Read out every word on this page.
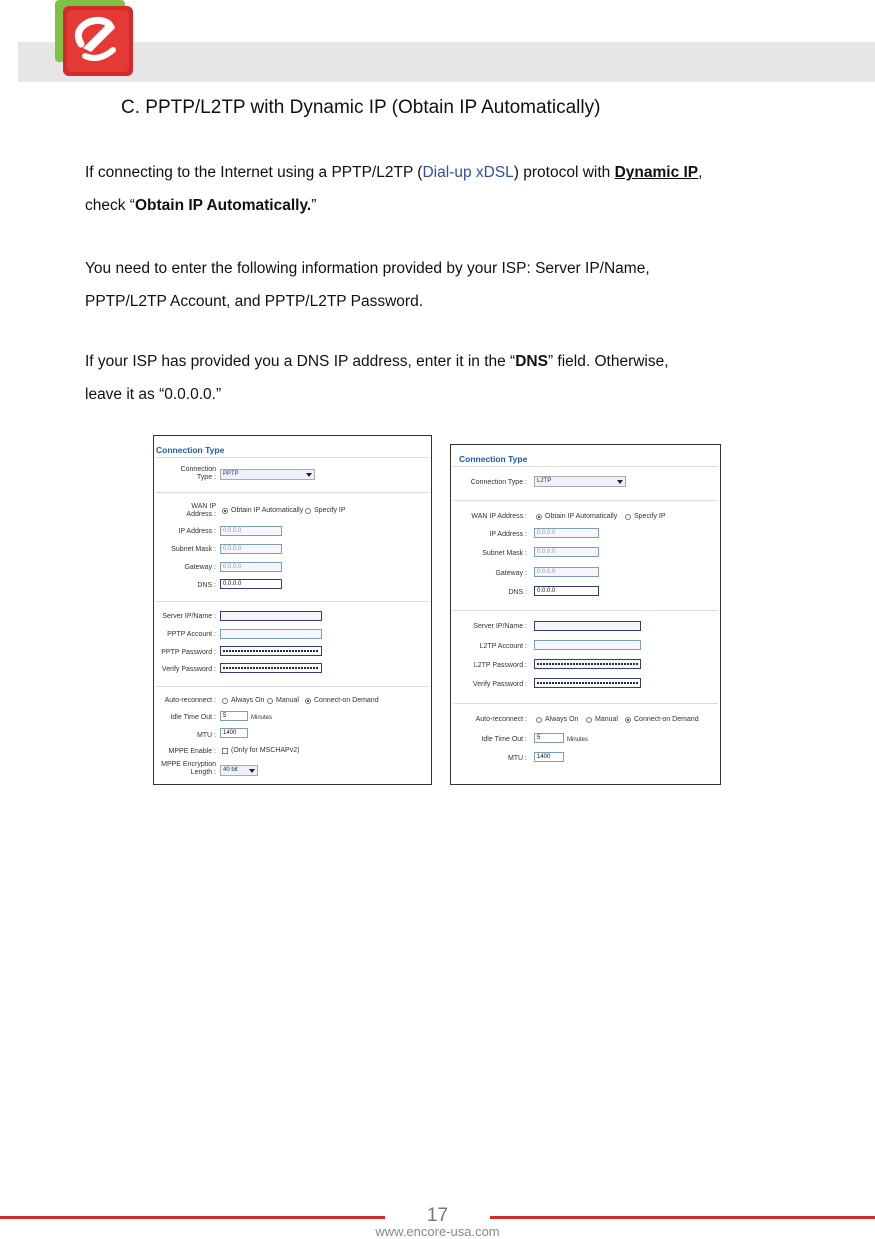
C. PPTP/L2TP with Dynamic IP (Obtain IP Automatically)
If connecting to the Internet using a PPTP/L2TP (Dial-up xDSL) protocol with Dynamic IP,
check “Obtain IP Automatically.”
You need to enter the following information provided by your ISP: Server IP/Name,
PPTP/L2TP Account, and PPTP/L2TP Password.
If your ISP has provided you a DNS IP address, enter it in the “DNS” field. Otherwise,
leave it as “0.0.0.0.”
Connection Type
Connection
Type :	PPTP
WAN IP
Address :
Obtain IP Automatically Specify IP
IP Address :	0.0.0.0
Subnet Mask :	0.0.0.0
Gateway :	0.0.0.0
DNS :	0.0.0.0
Server IP/Name :
PPTP Account :
PPTP Password :
Verify Password :
Auto-reconnect : Always On Manual Connect-on Demand
Idle Time Out :	5	Minutes
MTU :	1400
MPPE Enable : (Only for MSCHAPv2)
MPPE Encryption
Length :	40 bit
Connection Type
Connection Type :	L2TP
WAN IP Address :	Obtain IP Automatically Specify IP
IP Address :	0.0.0.0
Subnet Mask :	0.0.0.0
Gateway :	0.0.0.0
DNS :	0.0.0.0
Server IP/Name :
L2TP Account :
L2TP Password :
Verify Password :
Auto-reconnect :	Always On Manual Connect-on Demand
Idle Time Out :	5	Minutes
MTU :	1400
17
www.encore-usa.com
